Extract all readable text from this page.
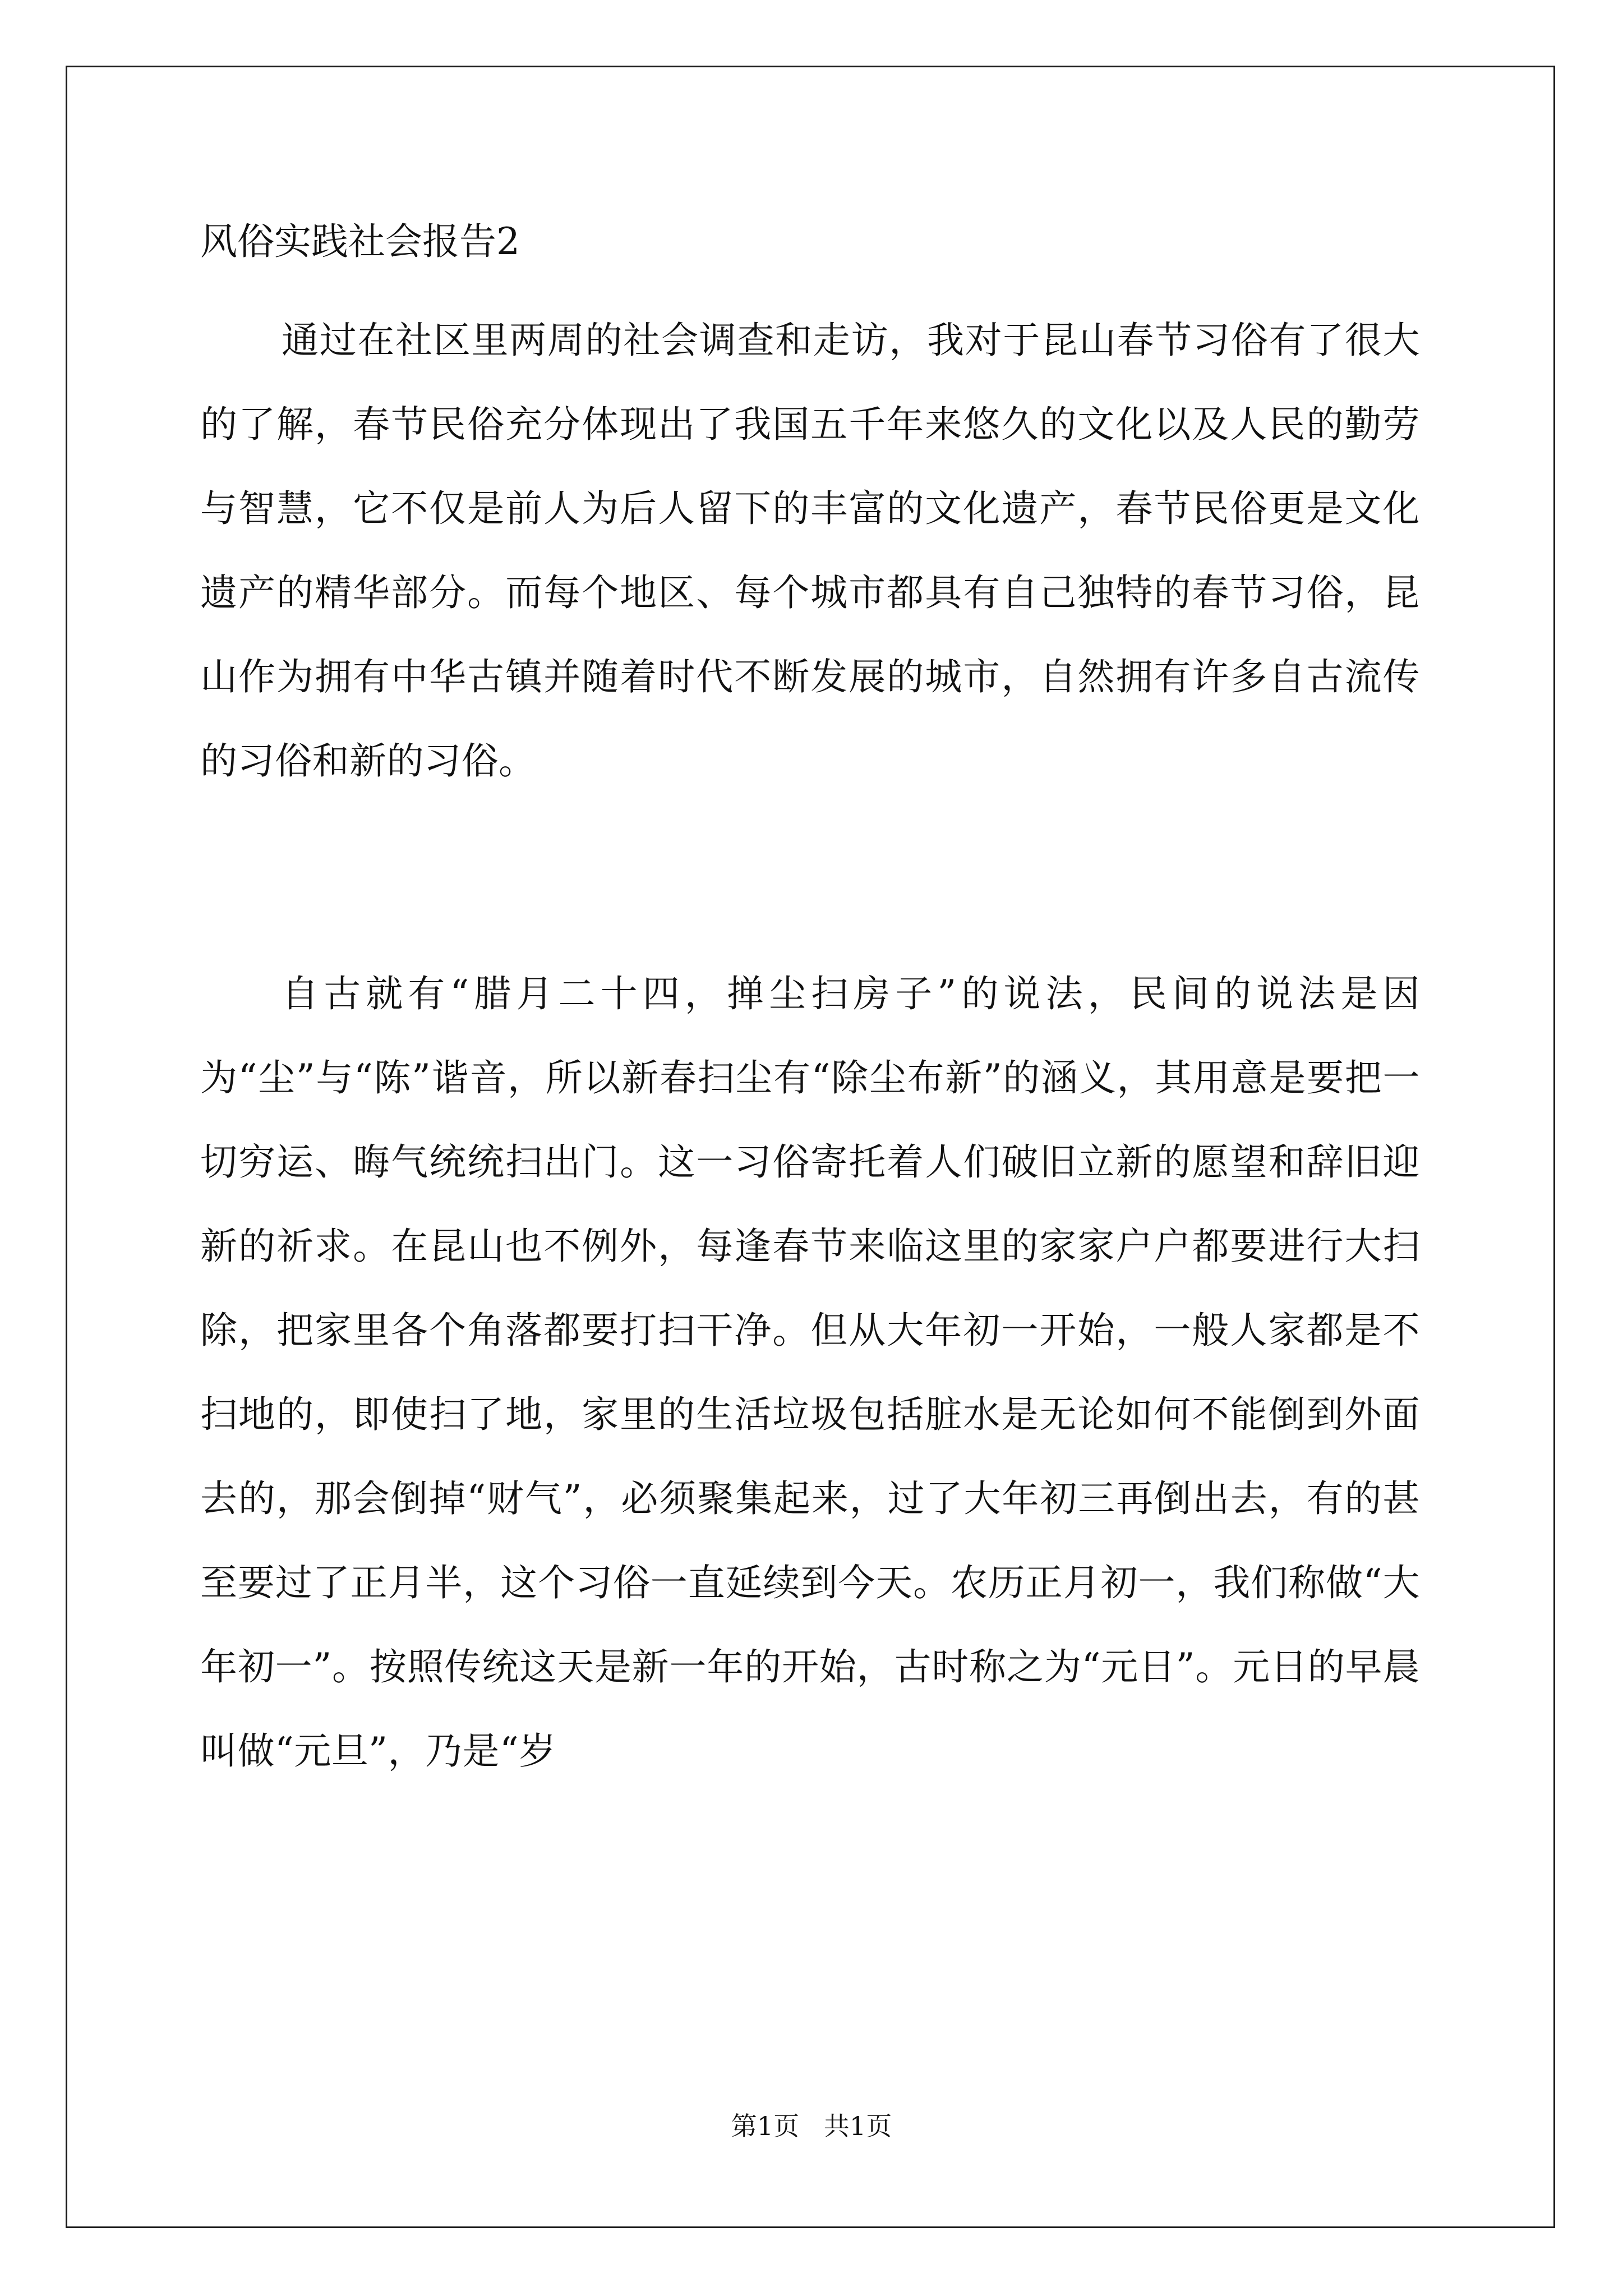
风俗实践社会报告2

通过在社区里两周的社会调查和走访，我对于昆山春节习俗有了很大的了解，春节民俗充分体现出了我国五千年来悠久的文化以及人民的勤劳与智慧，它不仅是前人为后人留下的丰富的文化遗产，春节民俗更是文化遗产的精华部分。而每个地区、每个城市都具有自己独特的春节习俗，昆山作为拥有中华古镇并随着时代不断发展的城市，自然拥有许多自古流传的习俗和新的习俗。

自古就有“腊月二十四，掸尘扫房子”的说法，民间的说法是因为“尘”与“陈”谐音，所以新春扫尘有“除尘布新”的涵义，其用意是要把一切穷运、晦气统统扫出门。这一习俗寄托着人们破旧立新的愿望和辞旧迎新的祈求。在昆山也不例外，每逢春节来临这里的家家户户都要进行大扫除，把家里各个角落都要打扫干净。但从大年初一开始，一般人家都是不扫地的，即使扫了地，家里的生活垃圾包括脏水是无论如何不能倒到外面去的，那会倒掉“财气”，必须聚集起来，过了大年初三再倒出去，有的甚至要过了正月半，这个习俗一直延续到今天。农历正月初一，我们称做“大年初一”。按照传统这天是新一年的开始，古时称之为“元日”。元日的早晨叫做“元旦”，乃是“岁

第1页   共1页
